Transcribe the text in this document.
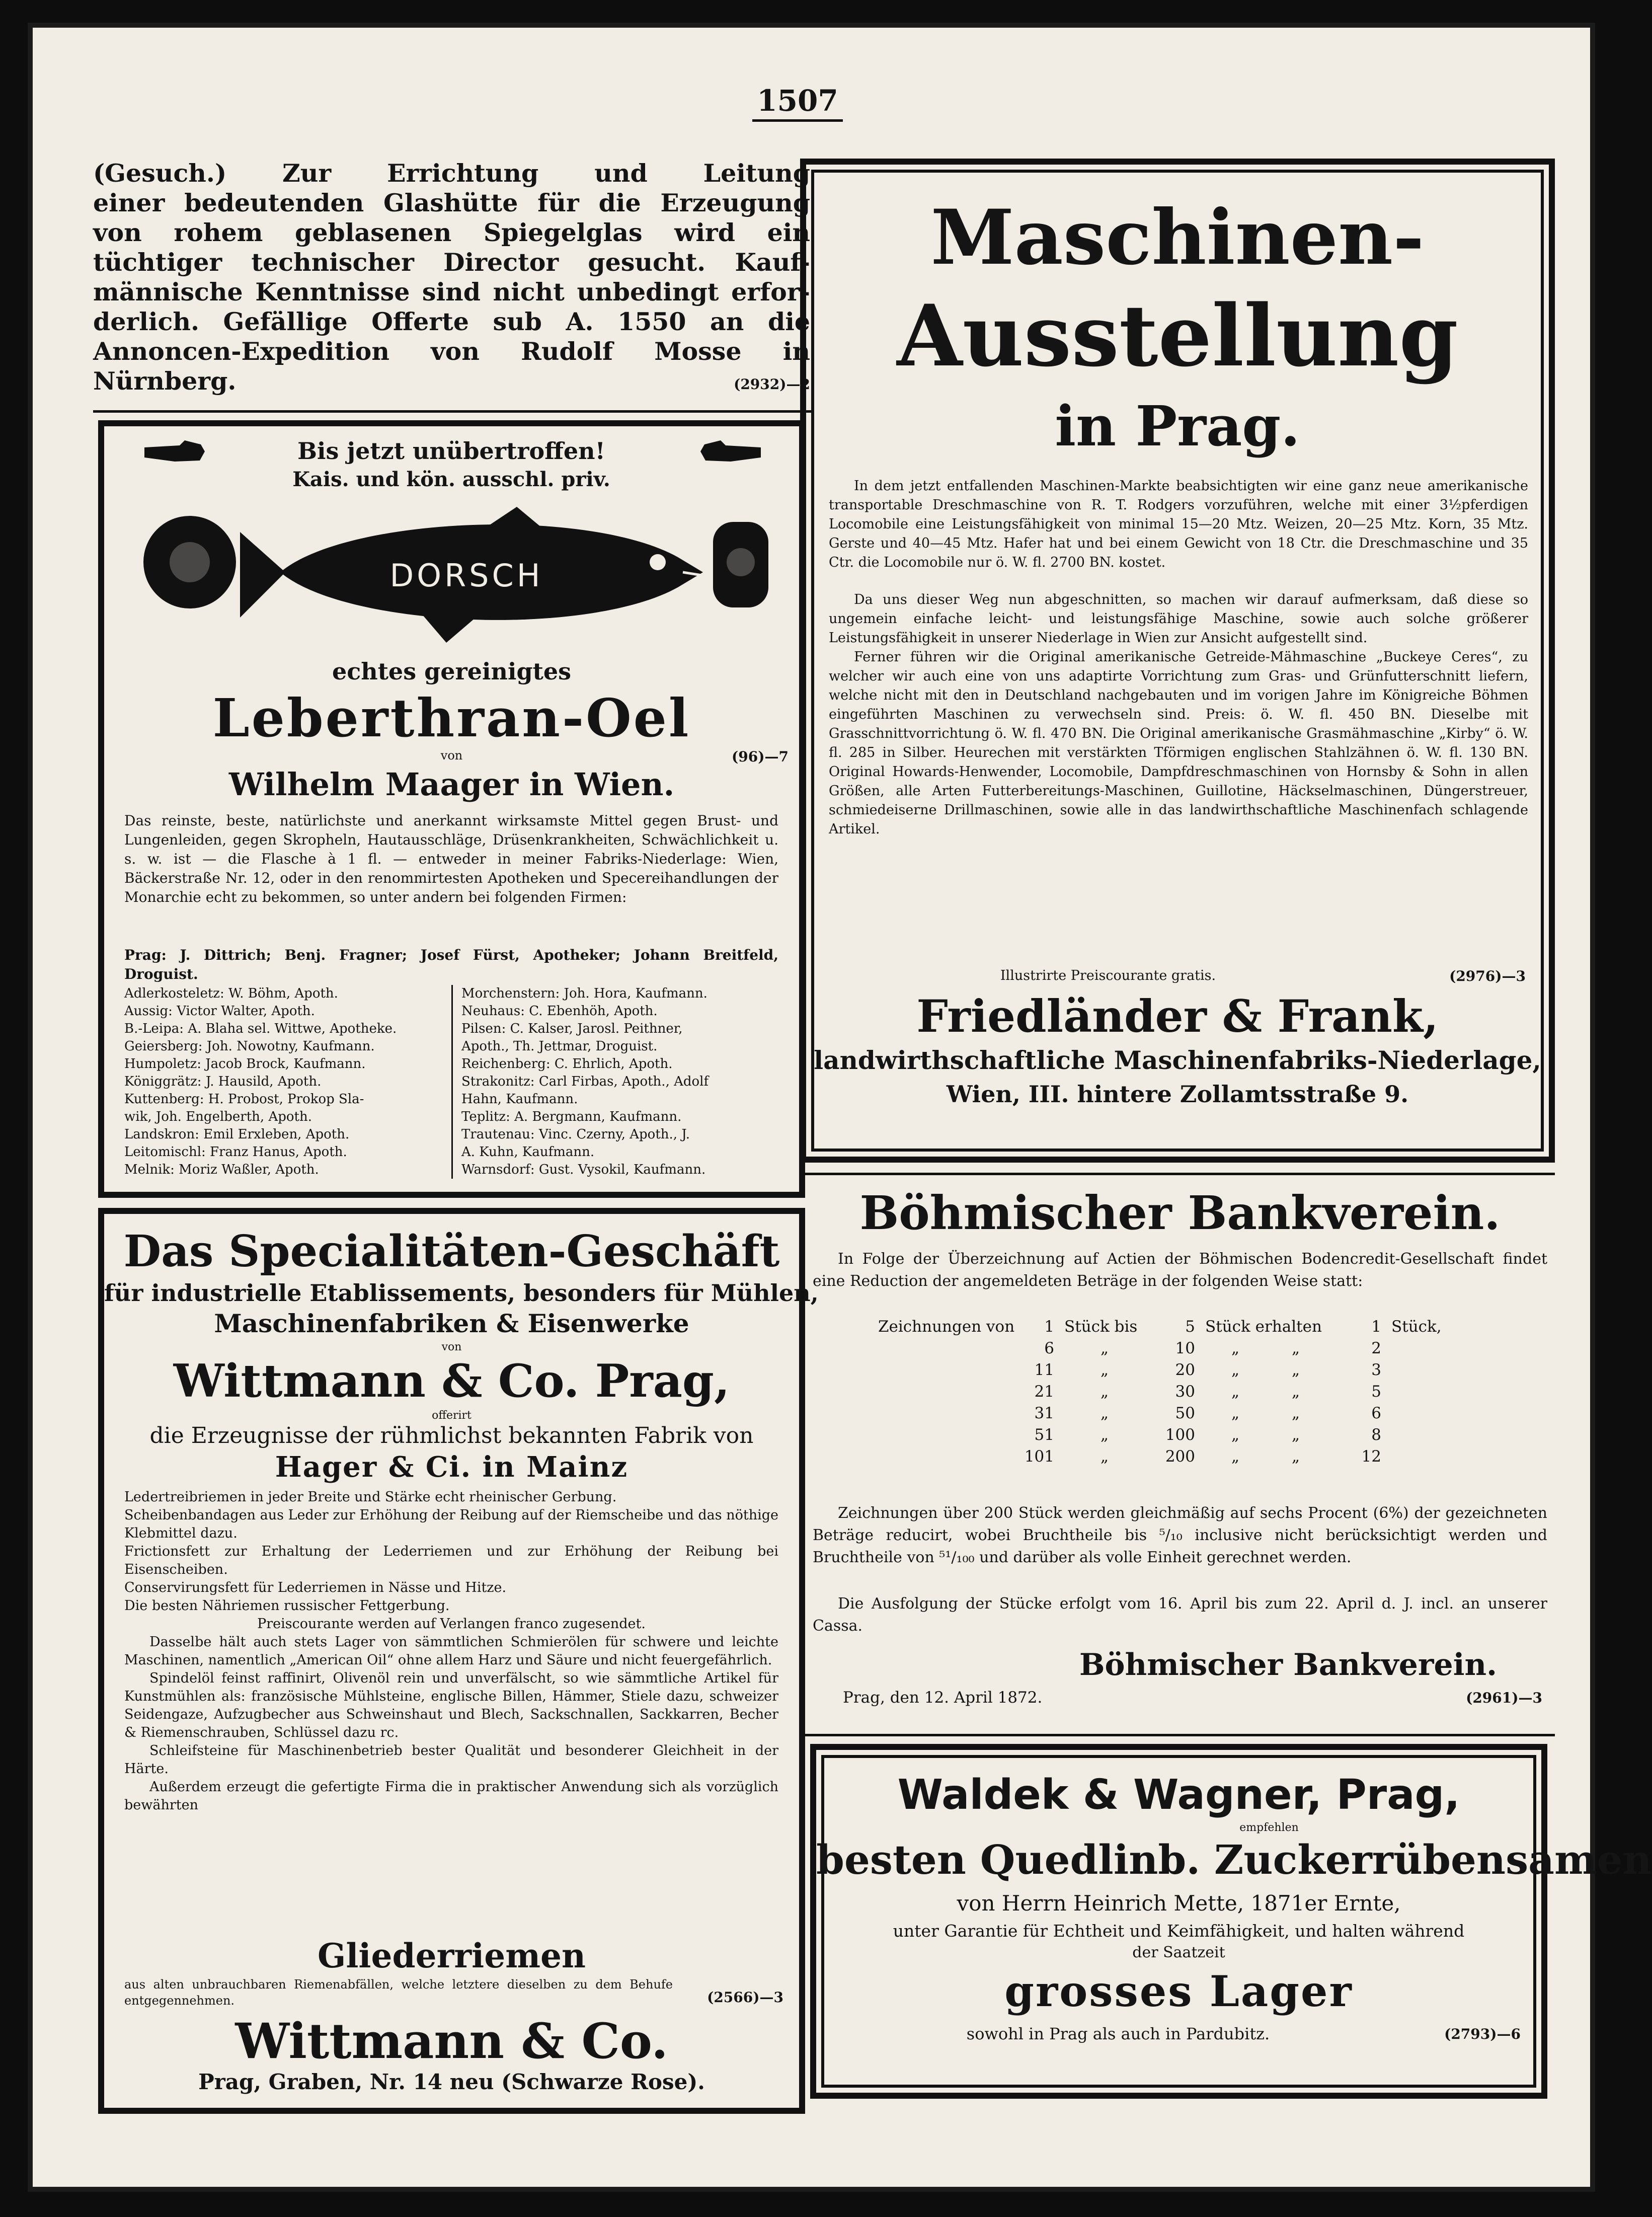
1507
(Gesuch.) Zur Errichtung und Leitung
einer bedeutenden Glashütte für die Erzeugung
von rohem geblasenen Spiegelglas wird ein
tüchtiger technischer Director gesucht. Kauf-
männische Kenntnisse sind nicht unbedingt erfor-
derlich. Gefällige Offerte sub A. 1550 an die
Annoncen-Expedition von Rudolf Mosse in
Nürnberg.	(2932)—2
Bis jetzt unübertroffen!
Kais. und kön. ausschl. priv.
DORSCH
echtes gereinigtes
Leberthran-Oel
von	(96)—7
Wilhelm Maager in Wien.
Das reinste, beste, natürlichste und anerkannt wirksamste Mittel gegen Brust- und Lungenleiden, gegen Skropheln, Hautausschläge, Drüsenkrankheiten, Schwächlichkeit u. s. w. ist — die Flasche à 1 fl. — entweder in meiner Fabriks-Niederlage: Wien, Bäckerstraße Nr. 12, oder in den renommirtesten Apotheken und Specereihandlungen der Monarchie echt zu bekommen, so unter andern bei folgenden Firmen:
Prag: J. Dittrich; Benj. Fragner; Josef Fürst, Apotheker; Johann Breitfeld, Droguist.
Adlerkosteletz: W. Böhm, Apoth.
Aussig: Victor Walter, Apoth.
B.-Leipa: A. Blaha sel. Wittwe, Apotheke.
Geiersberg: Joh. Nowotny, Kaufmann.
Humpoletz: Jacob Brock, Kaufmann.
Königgrätz: J. Hausild, Apoth.
Kuttenberg: H. Probost, Prokop Sla-
wik, Joh. Engelberth, Apoth.
Landskron: Emil Erxleben, Apoth.
Leitomischl: Franz Hanus, Apoth.
Melnik: Moriz Waßler, Apoth.
Morchenstern: Joh. Hora, Kaufmann.
Neuhaus: C. Ebenhöh, Apoth.
Pilsen: C. Kalser, Jarosl. Peithner,
Apoth., Th. Jettmar, Droguist.
Reichenberg: C. Ehrlich, Apoth.
Strakonitz: Carl Firbas, Apoth., Adolf
Hahn, Kaufmann.
Teplitz: A. Bergmann, Kaufmann.
Trautenau: Vinc. Czerny, Apoth., J.
A. Kuhn, Kaufmann.
Warnsdorf: Gust. Vysokil, Kaufmann.
Das Specialitäten-Geschäft
für industrielle Etablissements, besonders für Mühlen,
Maschinenfabriken & Eisenwerke
von
Wittmann & Co. Prag,
offerirt
die Erzeugnisse der rühmlichst bekannten Fabrik von
Hager & Ci. in Mainz
Ledertreibriemen in jeder Breite und Stärke echt rheinischer Gerbung.
Scheibenbandagen aus Leder zur Erhöhung der Reibung auf der Riemscheibe und das nöthige Klebmittel dazu.
Frictionsfett zur Erhaltung der Lederriemen und zur Erhöhung der Reibung bei Eisenscheiben.
Conservirungsfett für Lederriemen in Nässe und Hitze.
Die besten Nähriemen russischer Fettgerbung.
Preiscourante werden auf Verlangen franco zugesendet.
Dasselbe hält auch stets Lager von sämmtlichen Schmierölen für schwere und leichte Maschinen, namentlich „American Oil“ ohne allem Harz und Säure und nicht feuergefährlich.
Spindelöl feinst raffinirt, Olivenöl rein und unverfälscht, so wie sämmtliche Artikel für Kunstmühlen als: französische Mühlsteine, englische Billen, Hämmer, Stiele dazu, schweizer Seidengaze, Aufzugbecher aus Schweinshaut und Blech, Sackschnallen, Sackkarren, Becher & Riemenschrauben, Schlüssel dazu rc.
Schleifsteine für Maschinenbetrieb bester Qualität und besonderer Gleichheit in der Härte.
Außerdem erzeugt die gefertigte Firma die in praktischer Anwendung sich als vorzüglich bewährten
Gliederriemen
aus alten unbrauchbaren Riemenabfällen, welche letztere dieselben zu dem Behufe entgegennehmen.	(2566)—3
Wittmann & Co.
Prag, Graben, Nr. 14 neu (Schwarze Rose).
Maschinen-
Ausstellung
in Prag.
In dem jetzt entfallenden Maschinen-Markte beabsichtigten wir eine ganz neue amerikanische transportable Dreschmaschine von R. T. Rodgers vorzuführen, welche mit einer 3½pferdigen Locomobile eine Leistungsfähigkeit von minimal 15—20 Mtz. Weizen, 20—25 Mtz. Korn, 35 Mtz. Gerste und 40—45 Mtz. Hafer hat und bei einem Gewicht von 18 Ctr. die Dreschmaschine und 35 Ctr. die Locomobile nur ö. W. fl. 2700 BN. kostet.
Da uns dieser Weg nun abgeschnitten, so machen wir darauf aufmerksam, daß diese so ungemein einfache leicht- und leistungsfähige Maschine, sowie auch solche größerer Leistungsfähigkeit in unserer Niederlage in Wien zur Ansicht aufgestellt sind.
Ferner führen wir die Original amerikanische Getreide-Mähmaschine „Buckeye Ceres“, zu welcher wir auch eine von uns adaptirte Vorrichtung zum Gras- und Grünfutterschnitt liefern, welche nicht mit den in Deutschland nachgebauten und im vorigen Jahre im Königreiche Böhmen eingeführten Maschinen zu verwechseln sind. Preis: ö. W. fl. 450 BN. Dieselbe mit Grasschnittvorrichtung ö. W. fl. 470 BN. Die Original amerikanische Grasmähmaschine „Kirby“ ö. W. fl. 285 in Silber. Heurechen mit verstärkten Tförmigen englischen Stahlzähnen ö. W. fl. 130 BN. Original Howards-Henwender, Locomobile, Dampfdreschmaschinen von Hornsby & Sohn in allen Größen, alle Arten Futterbereitungs-Maschinen, Guillotine, Häckselmaschinen, Düngerstreuer, schmiedeiserne Drillmaschinen, sowie alle in das landwirthschaftliche Maschinenfach schlagende Artikel.
Illustrirte Preiscourante gratis.	(2976)—3
Friedländer & Frank,
landwirthschaftliche Maschinenfabriks-Niederlage,
Wien, III. hintere Zollamtsstraße 9.
Böhmischer Bankverein.
In Folge der Überzeichnung auf Actien der Böhmischen Bodencredit-Gesellschaft findet eine Reduction der angemeldeten Beträge in der folgenden Weise statt:
Zeichnungen von	1 Stück bis	5 Stück erhalten	1 Stück,
6	„	10	„	„	2
11	„	20	„	„	3
21	„	30	„	„	5
31	„	50	„	„	6
51	„	100	„	„	8
101	„	200	„	„	12
Zeichnungen über 200 Stück werden gleichmäßig auf sechs Procent (6%) der gezeichneten Beträge reducirt, wobei Bruchtheile bis ⁵/₁₀ inclusive nicht berücksichtigt werden und Bruchtheile von ⁵¹/₁₀₀ und darüber als volle Einheit gerechnet werden.
Die Ausfolgung der Stücke erfolgt vom 16. April bis zum 22. April d. J. incl. an unserer Cassa.
Böhmischer Bankverein.
Prag, den 12. April 1872.	(2961)—3
Waldek & Wagner, Prag,
empfehlen
besten Quedlinb. Zuckerrübensamen
von Herrn Heinrich Mette, 1871er Ernte,
unter Garantie für Echtheit und Keimfähigkeit, und halten während
der Saatzeit
grosses Lager
sowohl in Prag als auch in Pardubitz.	(2793)—6
